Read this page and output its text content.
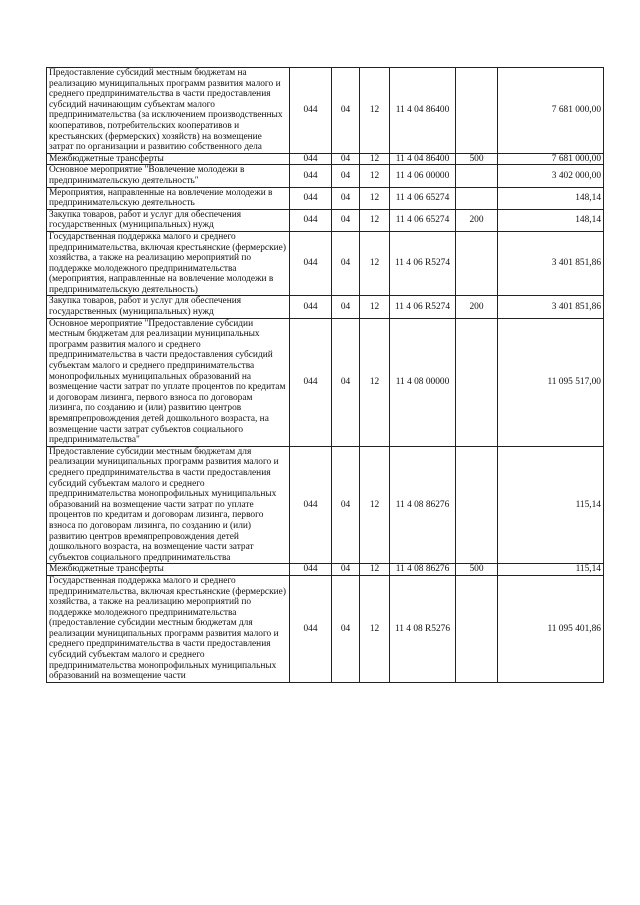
Предоставление субсидий местным бюджетам на реализацию муниципальных программ развития малого и среднего предпринимательства в части предоставления субсидий начинающим субъектам малого предпринимательства (за исключением производственных кооперативов, потребительских кооперативов и крестьянских (фермерских) хозяйств) на возмещение затрат по организации и развитию собственного дела	044	04	12	11 4 04 86400		7 681 000,00
Межбюджетные трансферты	044	04	12	11 4 04 86400	500	7 681 000,00
Основное мероприятие "Вовлечение молодежи в предпринимательскую деятельность"	044	04	12	11 4 06 00000		3 402 000,00
Мероприятия, направленные на вовлечение молодежи в предпринимательскую деятельность	044	04	12	11 4 06 65274		148,14
Закупка товаров, работ и услуг для обеспечения государственных (муниципальных) нужд	044	04	12	11 4 06 65274	200	148,14
Государственная поддержка малого и среднего предпринимательства, включая крестьянские (фермерские) хозяйства, а также на реализацию мероприятий по поддержке молодежного предпринимательства (мероприятия, направленные на вовлечение молодежи в предпринимательскую деятельность)	044	04	12	11 4 06 R5274		3 401 851,86
Закупка товаров, работ и услуг для обеспечения государственных (муниципальных) нужд	044	04	12	11 4 06 R5274	200	3 401 851,86
Основное мероприятие "Предоставление субсидии местным бюджетам для реализации муниципальных программ развития малого и среднего предпринимательства в части предоставления субсидий субъектам малого и среднего предпринимательства монопрофильных муниципальных образований на возмещение части затрат по уплате процентов по кредитам и договорам лизинга, первого взноса по договорам лизинга, по созданию и (или) развитию центров времяпрепровождения детей дошкольного возраста, на возмещение части затрат субъектов социального предпринимательства"	044	04	12	11 4 08 00000		11 095 517,00
Предоставление субсидии местным бюджетам для реализации муниципальных программ развития малого и среднего предпринимательства в части предоставления субсидий субъектам малого и среднего предпринимательства монопрофильных муниципальных образований на возмещение части затрат по уплате процентов по кредитам и договорам лизинга, первого взноса по договорам лизинга, по созданию и (или) развитию центров времяпрепровождения детей дошкольного возраста, на возмещение части затрат субъектов социального предпринимательства	044	04	12	11 4 08 86276		115,14
Межбюджетные трансферты	044	04	12	11 4 08 86276	500	115,14
Государственная поддержка малого и среднего предпринимательства, включая крестьянские (фермерские) хозяйства, а также на реализацию мероприятий по поддержке молодежного предпринимательства (предоставление субсидии местным бюджетам для реализации муниципальных программ развития малого и среднего предпринимательства в части предоставления субсидий субъектам малого и среднего предпринимательства монопрофильных муниципальных образований на возмещение части	044	04	12	11 4 08 R5276		11 095 401,86
